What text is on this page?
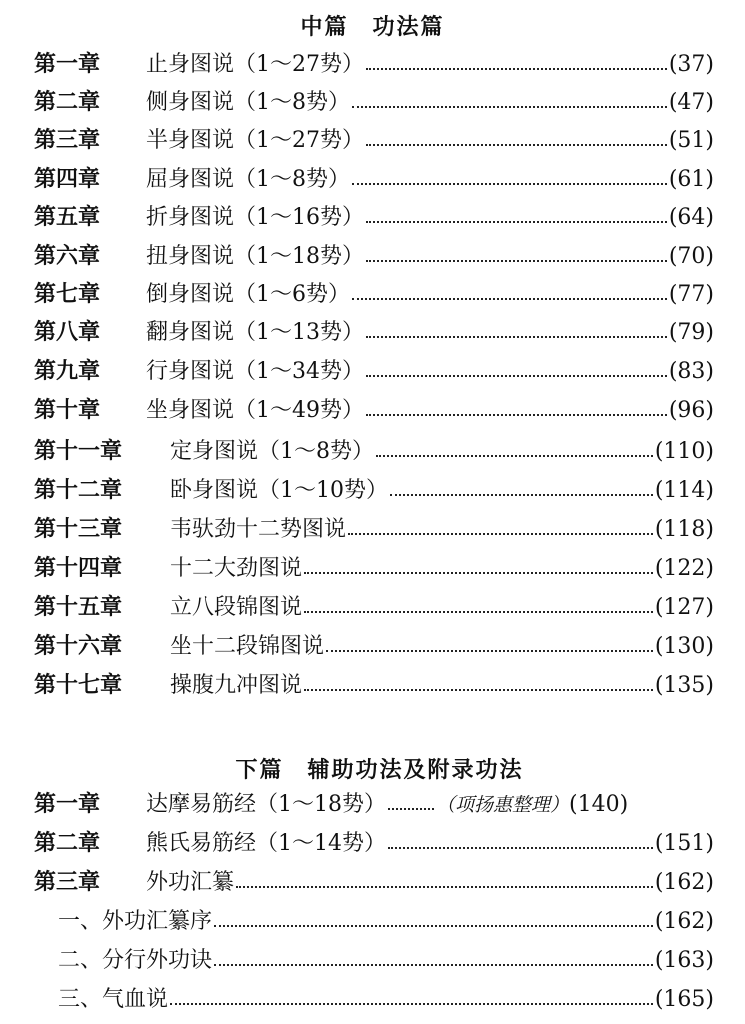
中篇　功法篇
第一章	止身图说（1～27势）	(37)
第二章	侧身图说（1～8势）	(47)
第三章	半身图说（1～27势）	(51)
第四章	屈身图说（1～8势）	(61)
第五章	折身图说（1～16势）	(64)
第六章	扭身图说（1～18势）	(70)
第七章	倒身图说（1～6势）	(77)
第八章	翻身图说（1～13势）	(79)
第九章	行身图说（1～34势）	(83)
第十章	坐身图说（1～49势）	(96)
第十一章	定身图说（1～8势）	(110)
第十二章	卧身图说（1～10势）	(114)
第十三章	韦驮劲十二势图说	(118)
第十四章	十二大劲图说	(122)
第十五章	立八段锦图说	(127)
第十六章	坐十二段锦图说	(130)
第十七章	操腹九冲图说	(135)
下篇　辅助功法及附录功法
第一章	达摩易筋经（1～18势）	（项扬惠整理） (140)
第二章	熊氏易筋经（1～14势）	(151)
第三章	外功汇纂	(162)
一、外功汇纂序	(162)
二、分行外功诀	(163)
三、气血说	(165)
